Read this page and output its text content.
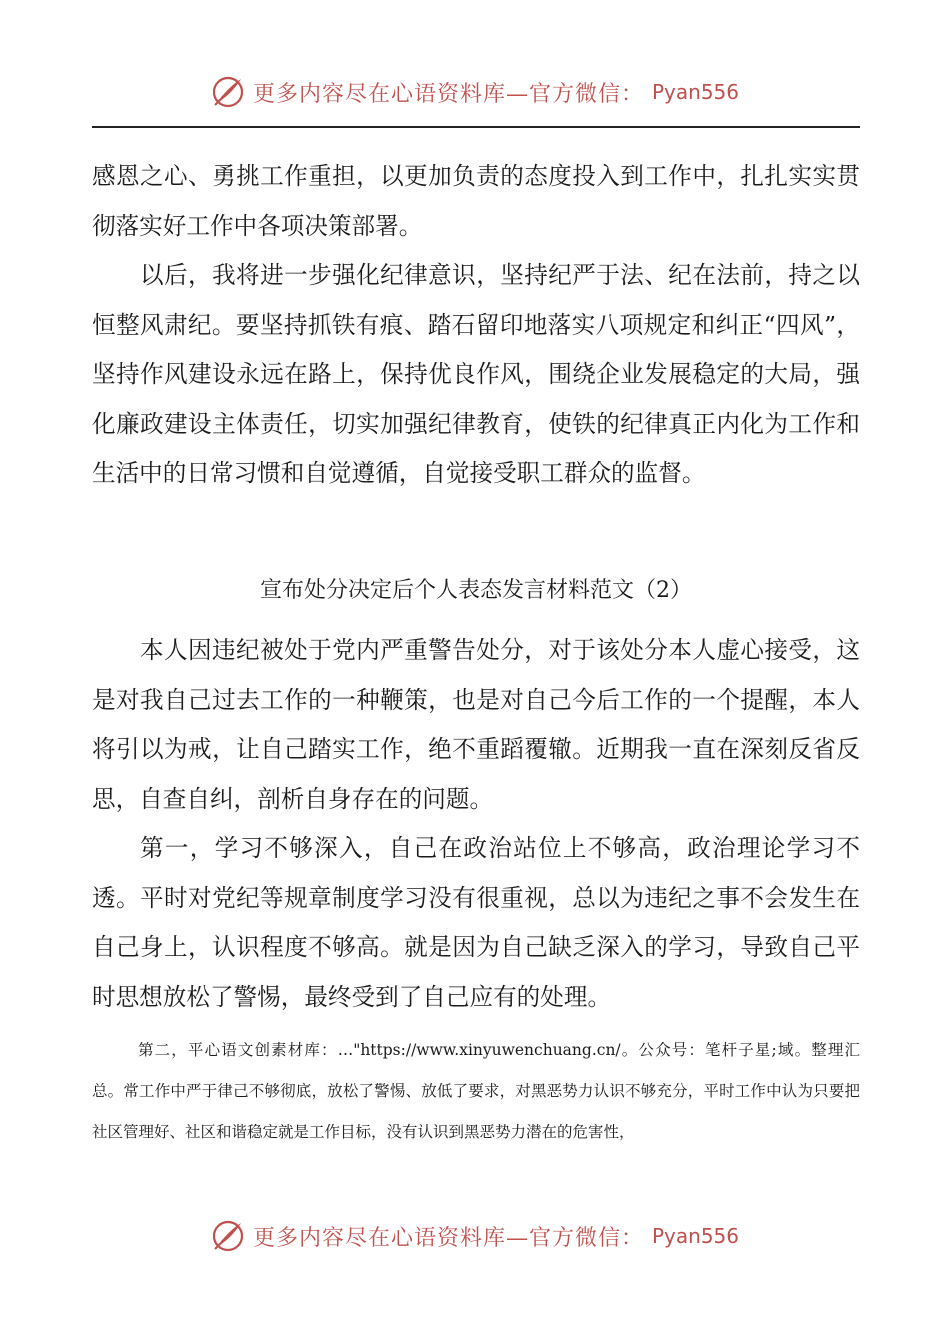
更多内容尽在心语资料库—官方微信： Pyan556

感恩之心、勇挑工作重担，以更加负责的态度投入到工作中，扎扎实实贯彻落实好工作中各项决策部署。

以后，我将进一步强化纪律意识，坚持纪严于法、纪在法前，持之以恒整风肃纪。要坚持抓铁有痕、踏石留印地落实八项规定和纠正“四风”，坚持作风建设永远在路上，保持优良作风，围绕企业发展稳定的大局，强化廉政建设主体责任，切实加强纪律教育，使铁的纪律真正内化为工作和生活中的日常习惯和自觉遵循，自觉接受职工群众的监督。

宣布处分决定后个人表态发言材料范文（2）

本人因违纪被处于党内严重警告处分，对于该处分本人虚心接受，这是对我自己过去工作的一种鞭策，也是对自己今后工作的一个提醒，本人将引以为戒，让自己踏实工作，绝不重蹈覆辙。近期我一直在深刻反省反思，自查自纠，剖析自身存在的问题。

第一，学习不够深入，自己在政治站位上不够高，政治理论学习不透。平时对党纪等规章制度学习没有很重视，总以为违纪之事不会发生在自己身上，认识程度不够高。就是因为自己缺乏深入的学习，导致自己平时思想放松了警惕，最终受到了自己应有的处理。

第二，平心语文创素材库：…"https://www.xinyuwenchuang.cn/。公众号：笔杆子星;域。整理汇总。常工作中严于律己不够彻底，放松了警惕、放低了要求，对黑恶势力认识不够充分，平时工作中认为只要把社区管理好、社区和谐稳定就是工作目标，没有认识到黑恶势力潜在的危害性，

更多内容尽在心语资料库—官方微信： Pyan556
